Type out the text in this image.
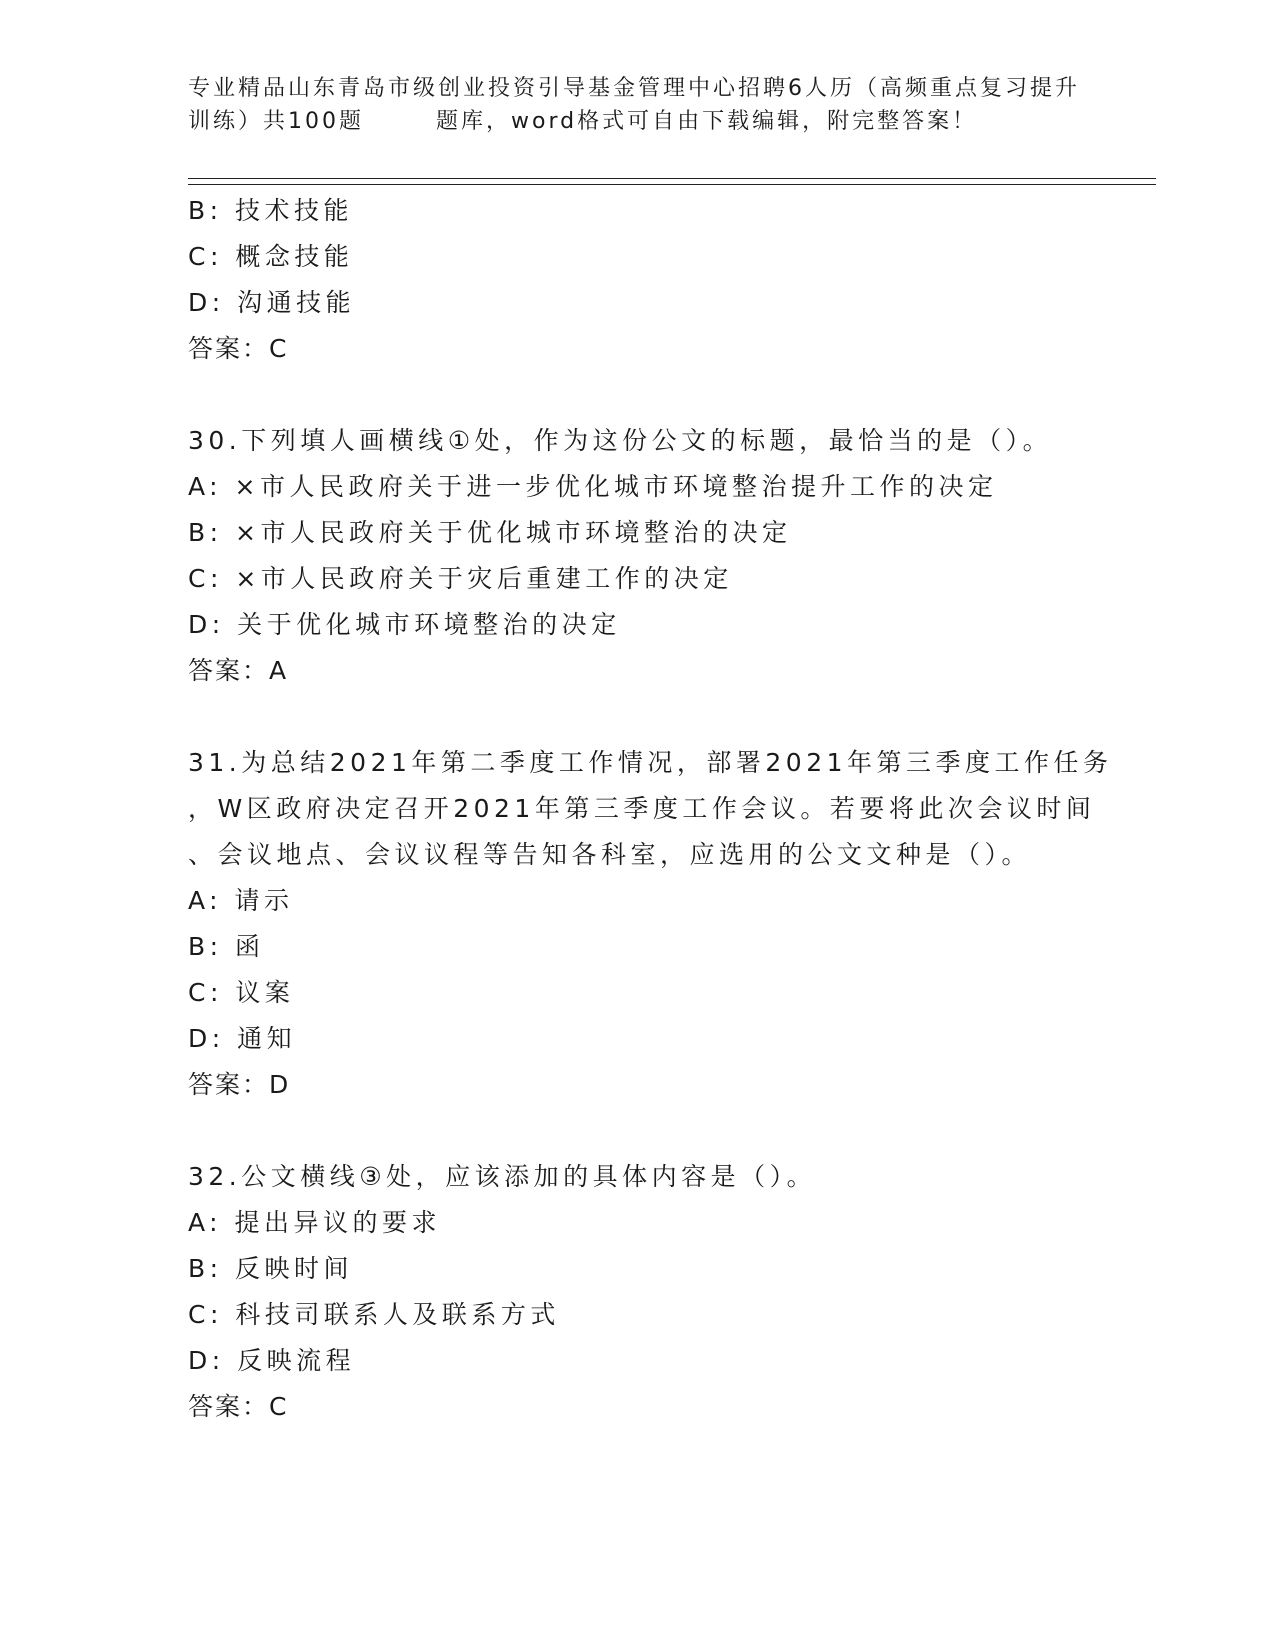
专业精品山东青岛市级创业投资引导基金管理中心招聘6人历（高频重点复习提升
训练）共100题	题库，word格式可自由下载编辑，附完整答案！
B: 技术技能
C: 概念技能
D: 沟通技能
答案：C
30.下列填人画横线①处，作为这份公文的标题，最恰当的是（）。
A: ×市人民政府关于进一步优化城市环境整治提升工作的决定
B: ×市人民政府关于优化城市环境整治的决定
C: ×市人民政府关于灾后重建工作的决定
D: 关于优化城市环境整治的决定
答案：A
31.为总结2021年第二季度工作情况，部署2021年第三季度工作任务
，W区政府决定召开2021年第三季度工作会议。若要将此次会议时间
、会议地点、会议议程等告知各科室，应选用的公文文种是（）。
A: 请示
B: 函
C: 议案
D: 通知
答案：D
32.公文横线③处，应该添加的具体内容是（）。
A: 提出异议的要求
B: 反映时间
C: 科技司联系人及联系方式
D: 反映流程
答案：C
